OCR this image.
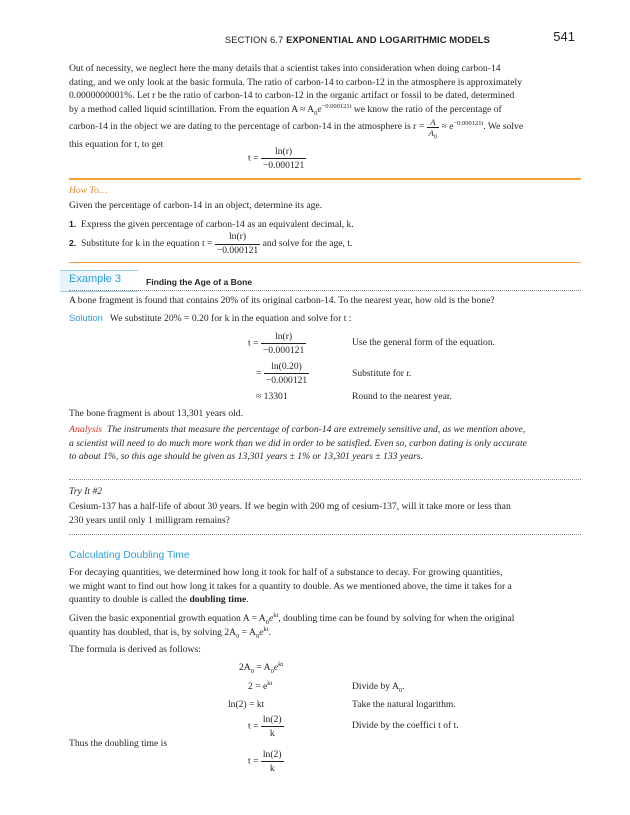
SECTION 6.7 EXPONENTIAL AND LOGARITHMIC MODELS	541
Out of necessity, we neglect here the many details that a scientist takes into consideration when doing carbon-14
dating, and we only look at the basic formula. The ratio of carbon-14 to carbon-12 in the atmosphere is approximately
0.0000000001%. Let r be the ratio of carbon-14 to carbon-12 in the organic artifact or fossil to be dated, determined
by a method called liquid scintillation. From the equation $A \approx A_0e^{-0.000121t}$ we know the ratio of the percentage of
carbon-14 in the object we are dating to the percentage of carbon-14 in the atmosphere is $r = \frac{A}{A_0} \approx e^{-0.000121t}$. We solve
this equation for t, to get
$t = \frac{\ln(r)}{-0.000121}$
How To…
Given the percentage of carbon-14 in an object, determine its age.
1. Express the given percentage of carbon-14 as an equivalent decimal, k.
2. Substitute for k in the equation $t = \frac{\ln(r)}{-0.000121}$ and solve for the age, t.
Example 3	Finding the Age of a Bone
A bone fragment is found that contains 20% of its original carbon-14. To the nearest year, how old is the bone?
Solution We substitute 20% = 0.20 for k in the equation and solve for t :
$t = \frac{\ln(r)}{-0.000121}$	Use the general form of the equation.
= $\frac{\ln(0.20)}{-0.000121}$	Substitute for r.
≈ 13301	Round to the nearest year.
The bone fragment is about 13,301 years old.
Analysis The instruments that measure the percentage of carbon-14 are extremely sensitive and, as we mention above,
a scientist will need to do much more work than we did in order to be satisfied. Even so, carbon dating is only accurate
to about 1%, so this age should be given as 13,301 years ± 1% or 13,301 years ± 133 years.
Try It #2
Cesium-137 has a half-life of about 30 years. If we begin with 200 mg of cesium-137, will it take more or less than
230 years until only 1 milligram remains?
Calculating Doubling Time
For decaying quantities, we determined how long it took for half of a substance to decay. For growing quantities,
we might want to find out how long it takes for a quantity to double. As we mentioned above, the time it takes for a
quantity to double is called the doubling time.
Given the basic exponential growth equation $A = A_0e^{kt}$, doubling time can be found by solving for when the original
quantity has doubled, that is, by solving $2A_0 = A_0e^{kt}$.
The formula is derived as follows:
$2A_0 = A_0e^{kt}$
$2 = e^{kt}$	Divide by $A_0$.
ln(2) = kt	Take the natural logarithm.
$t = \frac{\ln(2)}{k}$	Divide by the coeffici t of t.
Thus the doubling time is
$t = \frac{\ln(2)}{k}$
